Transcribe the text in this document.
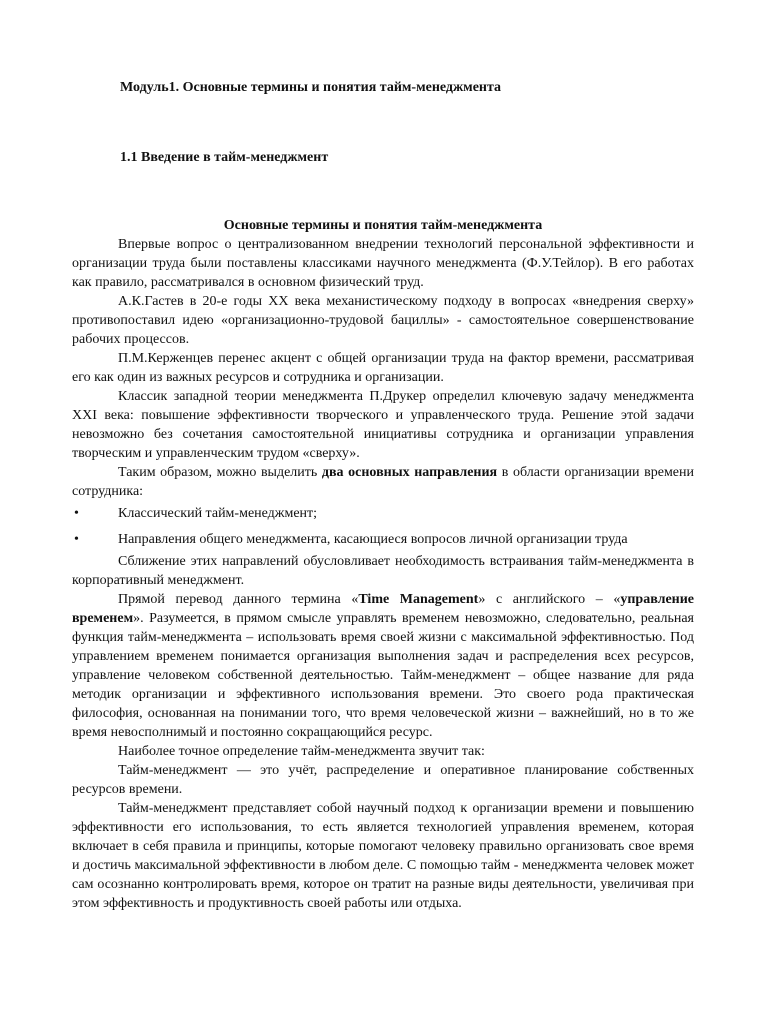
Модуль1. Основные термины и понятия тайм-менеджмента

1.1 Введение в тайм-менеджмент

Основные термины и понятия тайм-менеджмента

Впервые вопрос о централизованном внедрении технологий персональной эффективности и организации труда были поставлены классиками научного менеджмента (Ф.У.Тейлор). В его работах как правило, рассматривался в основном физический труд.

А.К.Гастев в 20-е годы ХХ века механистическому подходу в вопросах «внедрения сверху» противопоставил идею «организационно-трудовой бациллы» - самостоятельное совершенствование рабочих процессов.

П.М.Керженцев перенес акцент с общей организации труда на фактор времени, рассматривая его как один из важных ресурсов и сотрудника и организации.

Классик западной теории менеджмента П.Друкер определил ключевую задачу менеджмента XXI века: повышение эффективности творческого и управленческого труда. Решение этой задачи невозможно без сочетания самостоятельной инициативы сотрудника и организации управления творческим и управленческим трудом «сверху».

Таким образом, можно выделить два основных направления в области организации времени сотрудника:

•	Классический тайм-менеджмент;
•	Направления общего менеджмента, касающиеся вопросов личной организации труда

Сближение этих направлений обусловливает необходимость встраивания тайм-менеджмента в корпоративный менеджмент.

Прямой перевод данного термина «Time Management» с английского – «управление временем». Разумеется, в прямом смысле управлять временем невозможно, следовательно, реальная функция тайм-менеджмента – использовать время своей жизни с максимальной эффективностью. Под управлением временем понимается организация выполнения задач и распределения всех ресурсов, управление человеком собственной деятельностью. Тайм-менеджмент – общее название для ряда методик организации и эффективного использования времени. Это своего рода практическая философия, основанная на понимании того, что время человеческой жизни – важнейший, но в то же время невосполнимый и постоянно сокращающийся ресурс.

Наиболее точное определение тайм-менеджмента звучит так:

Тайм-менеджмент — это учёт, распределение и оперативное планирование собственных ресурсов времени.

Тайм-менеджмент представляет собой научный подход к организации времени и повышению эффективности его использования, то есть является технологией управления временем, которая включает в себя правила и принципы, которые помогают человеку правильно организовать свое время и достичь максимальной эффективности в любом деле. С помощью тайм - менеджмента человек может сам осознанно контролировать время, которое он тратит на разные виды деятельности, увеличивая при этом эффективность и продуктивность своей работы или отдыха.
